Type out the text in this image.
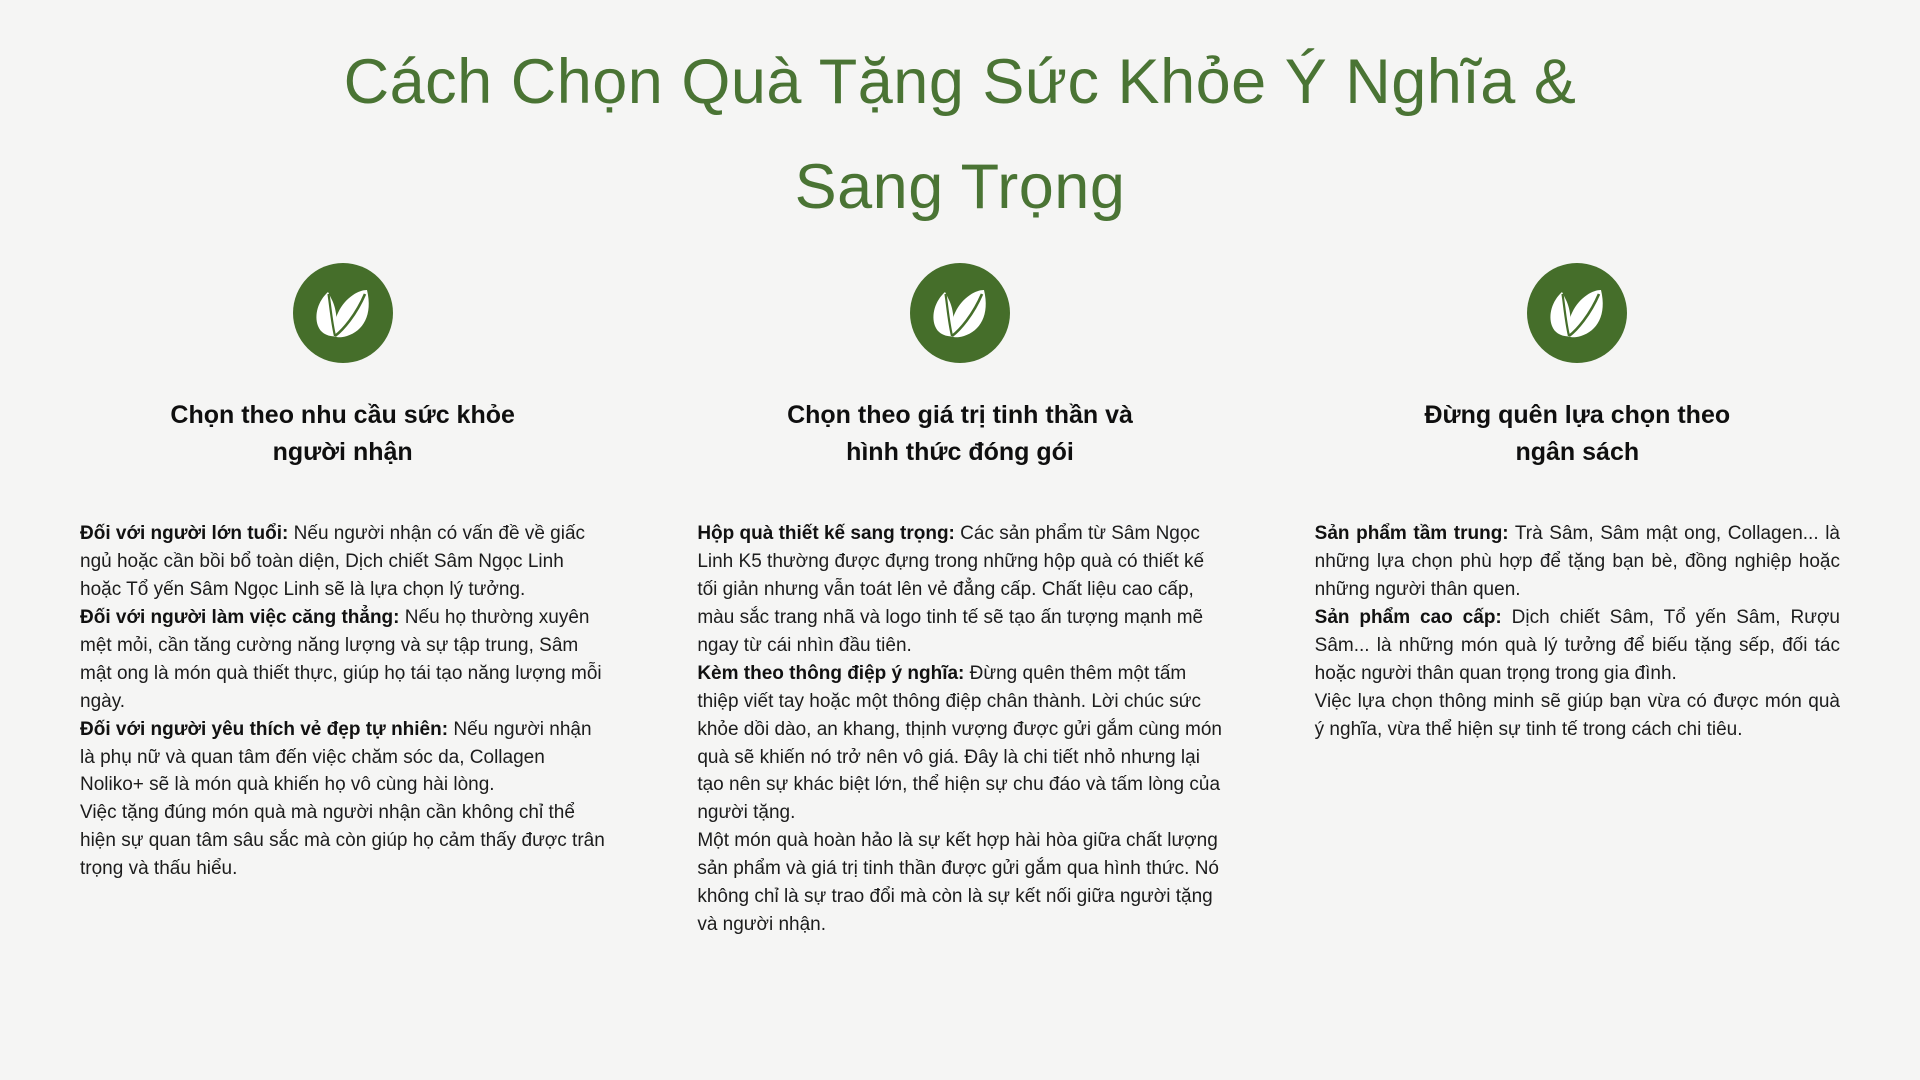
Cách Chọn Quà Tặng Sức Khỏe Ý Nghĩa &
Sang Trọng
Chọn theo nhu cầu sức khỏe người nhận

Đối với người lớn tuổi: Nếu người nhận có vấn đề về giấc ngủ hoặc cần bồi bổ toàn diện, Dịch chiết Sâm Ngọc Linh hoặc Tổ yến Sâm Ngọc Linh sẽ là lựa chọn lý tưởng.

Đối với người làm việc căng thẳng: Nếu họ thường xuyên mệt mỏi, cần tăng cường năng lượng và sự tập trung, Sâm mật ong là món quà thiết thực, giúp họ tái tạo năng lượng mỗi ngày.

Đối với người yêu thích vẻ đẹp tự nhiên: Nếu người nhận là phụ nữ và quan tâm đến việc chăm sóc da, Collagen Noliko+ sẽ là món quà khiến họ vô cùng hài lòng.

Việc tặng đúng món quà mà người nhận cần không chỉ thể hiện sự quan tâm sâu sắc mà còn giúp họ cảm thấy được trân trọng và thấu hiểu.

Chọn theo giá trị tinh thần và hình thức đóng gói

Hộp quà thiết kế sang trọng: Các sản phẩm từ Sâm Ngọc Linh K5 thường được đựng trong những hộp quà có thiết kế tối giản nhưng vẫn toát lên vẻ đẳng cấp. Chất liệu cao cấp, màu sắc trang nhã và logo tinh tế sẽ tạo ấn tượng mạnh mẽ ngay từ cái nhìn đầu tiên.

Kèm theo thông điệp ý nghĩa: Đừng quên thêm một tấm thiệp viết tay hoặc một thông điệp chân thành. Lời chúc sức khỏe dồi dào, an khang, thịnh vượng được gửi gắm cùng món quà sẽ khiến nó trở nên vô giá. Đây là chi tiết nhỏ nhưng lại tạo nên sự khác biệt lớn, thể hiện sự chu đáo và tấm lòng của người tặng.

Một món quà hoàn hảo là sự kết hợp hài hòa giữa chất lượng sản phẩm và giá trị tinh thần được gửi gắm qua hình thức. Nó không chỉ là sự trao đổi mà còn là sự kết nối giữa người tặng và người nhận.

Đừng quên lựa chọn theo ngân sách

Sản phẩm tầm trung: Trà Sâm, Sâm mật ong, Collagen... là những lựa chọn phù hợp để tặng bạn bè, đồng nghiệp hoặc những người thân quen.

Sản phẩm cao cấp: Dịch chiết Sâm, Tổ yến Sâm, Rượu Sâm... là những món quà lý tưởng để biếu tặng sếp, đối tác hoặc người thân quan trọng trong gia đình.

Việc lựa chọn thông minh sẽ giúp bạn vừa có được món quà ý nghĩa, vừa thể hiện sự tinh tế trong cách chi tiêu.
